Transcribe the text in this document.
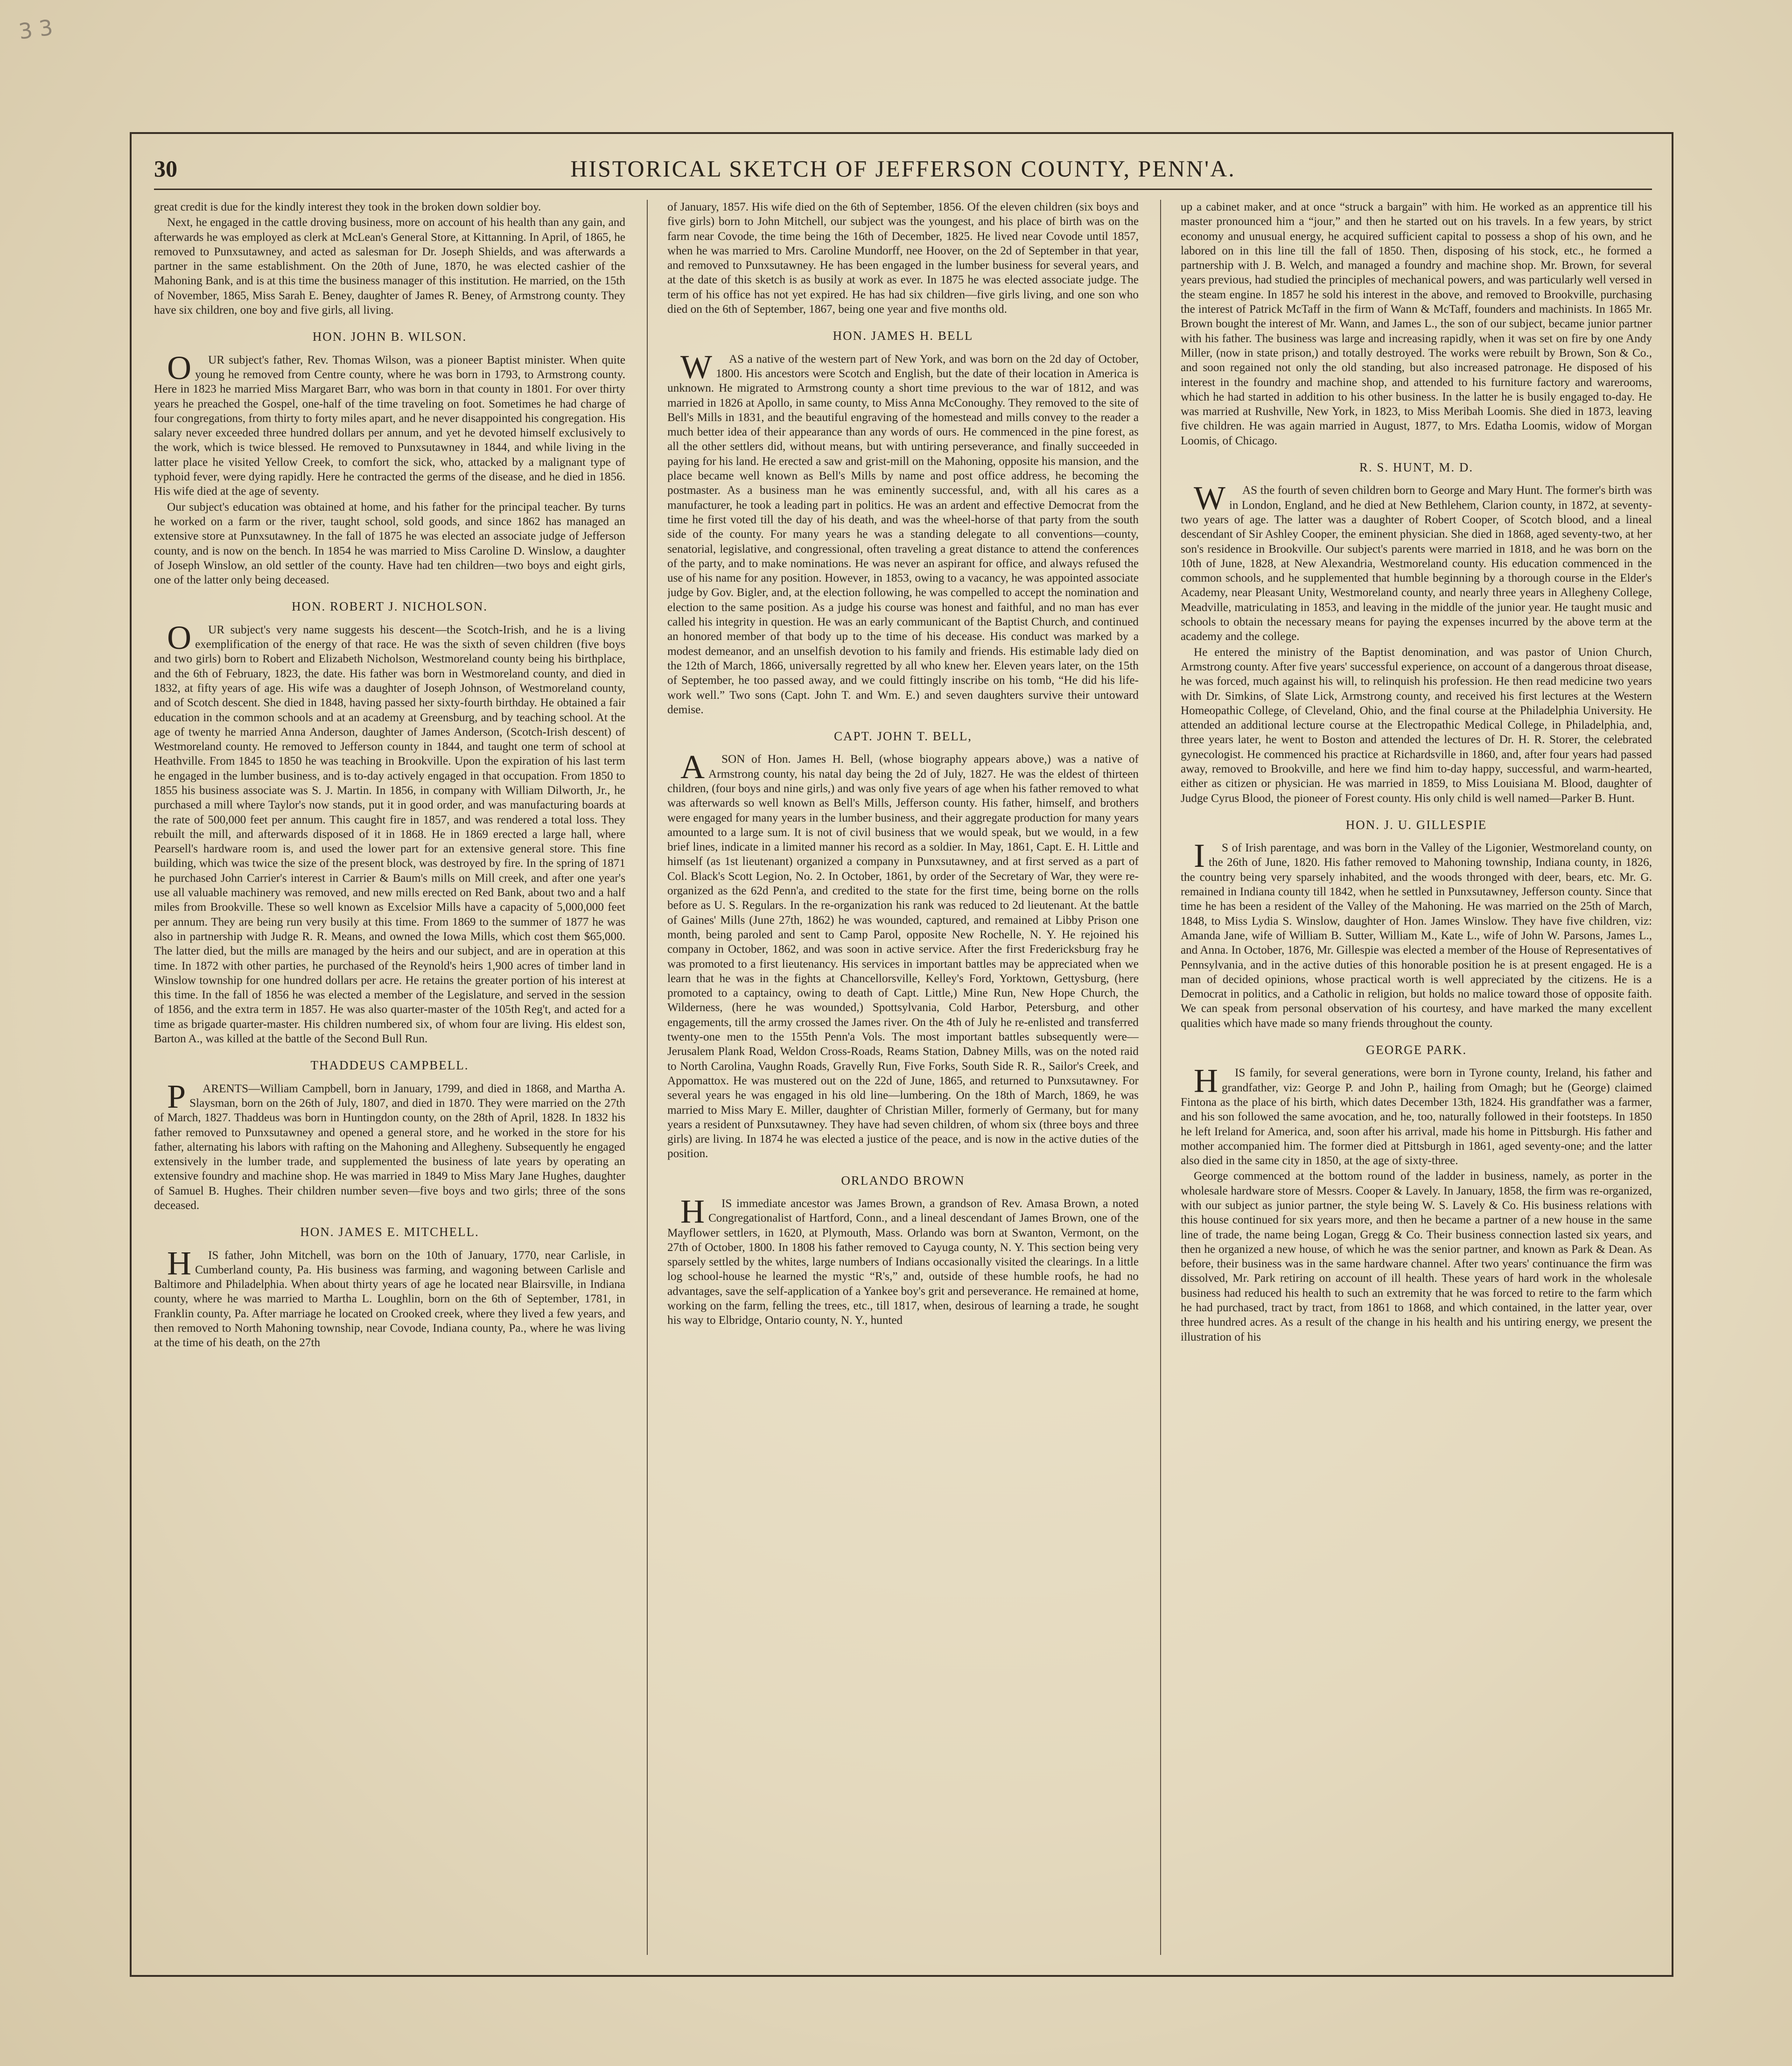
3 3
30	HISTORICAL SKETCH OF JEFFERSON COUNTY, PENN'A.

great credit is due for the kindly interest they took in the broken down soldier boy.

Next, he engaged in the cattle droving business, more on account of his health than any gain, and afterwards he was employed as clerk at McLean's General Store, at Kittanning. In April, of 1865, he removed to Punxsutawney, and acted as salesman for Dr. Joseph Shields, and was afterwards a partner in the same establishment. On the 20th of June, 1870, he was elected cashier of the Mahoning Bank, and is at this time the business manager of this institution. He married, on the 15th of November, 1865, Miss Sarah E. Beney, daughter of James R. Beney, of Armstrong county. They have six children, one boy and five girls, all living.

HON. JOHN B. WILSON.

O	UR subject's father, Rev. Thomas Wilson, was a pioneer Baptist minister. When quite young he removed from Centre county, where he was born in 1793, to Armstrong county. Here in 1823 he married Miss Margaret Barr, who was born in that county in 1801. For over thirty years he preached the Gospel, one-half of the time traveling on foot. Sometimes he had charge of four congregations, from thirty to forty miles apart, and he never disappointed his congregation. His salary never exceeded three hundred dollars per annum, and yet he devoted himself exclusively to the work, which is twice blessed. He removed to Punxsutawney in 1844, and while living in the latter place he visited Yellow Creek, to comfort the sick, who, attacked by a malignant type of typhoid fever, were dying rapidly. Here he contracted the germs of the disease, and he died in 1856. His wife died at the age of seventy.

Our subject's education was obtained at home, and his father for the principal teacher. By turns he worked on a farm or the river, taught school, sold goods, and since 1862 has managed an extensive store at Punxsutawney. In the fall of 1875 he was elected an associate judge of Jefferson county, and is now on the bench. In 1854 he was married to Miss Caroline D. Winslow, a daughter of Joseph Winslow, an old settler of the county. Have had ten children—two boys and eight girls, one of the latter only being deceased.

HON. ROBERT J. NICHOLSON.

O	UR subject's very name suggests his descent—the Scotch-Irish, and he is a living exemplification of the energy of that race. He was the sixth of seven children (five boys and two girls) born to Robert and Elizabeth Nicholson, Westmoreland county being his birthplace, and the 6th of February, 1823, the date. His father was born in Westmoreland county, and died in 1832, at fifty years of age. His wife was a daughter of Joseph Johnson, of Westmoreland county, and of Scotch descent. She died in 1848, having passed her sixty-fourth birthday. He obtained a fair education in the common schools and at an academy at Greensburg, and by teaching school. At the age of twenty he married Anna Anderson, daughter of James Anderson, (Scotch-Irish descent) of Westmoreland county. He removed to Jefferson county in 1844, and taught one term of school at Heathville. From 1845 to 1850 he was teaching in Brookville. Upon the expiration of his last term he engaged in the lumber business, and is to-day actively engaged in that occupation. From 1850 to 1855 his business associate was S. J. Martin. In 1856, in company with William Dilworth, Jr., he purchased a mill where Taylor's now stands, put it in good order, and was manufacturing boards at the rate of 500,000 feet per annum. This caught fire in 1857, and was rendered a total loss. They rebuilt the mill, and afterwards disposed of it in 1868. He in 1869 erected a large hall, where Pearsell's hardware room is, and used the lower part for an extensive general store. This fine building, which was twice the size of the present block, was destroyed by fire. In the spring of 1871 he purchased John Carrier's interest in Carrier & Baum's mills on Mill creek, and after one year's use all valuable machinery was removed, and new mills erected on Red Bank, about two and a half miles from Brookville. These so well known as Excelsior Mills have a capacity of 5,000,000 feet per annum. They are being run very busily at this time. From 1869 to the summer of 1877 he was also in partnership with Judge R. R. Means, and owned the Iowa Mills, which cost them $65,000. The latter died, but the mills are managed by the heirs and our subject, and are in operation at this time. In 1872 with other parties, he purchased of the Reynold's heirs 1,900 acres of timber land in Winslow township for one hundred dollars per acre. He retains the greater portion of his interest at this time. In the fall of 1856 he was elected a member of the Legislature, and served in the session of 1856, and the extra term in 1857. He was also quarter-master of the 105th Reg't, and acted for a time as brigade quarter-master. His children numbered six, of whom four are living. His eldest son, Barton A., was killed at the battle of the Second Bull Run.

THADDEUS CAMPBELL.

P	ARENTS—William Campbell, born in January, 1799, and died in 1868, and Martha A. Slaysman, born on the 26th of July, 1807, and died in 1870. They were married on the 27th of March, 1827. Thaddeus was born in Huntingdon county, on the 28th of April, 1828. In 1832 his father removed to Punxsutawney and opened a general store, and he worked in the store for his father, alternating his labors with rafting on the Mahoning and Allegheny. Subsequently he engaged extensively in the lumber trade, and supplemented the business of late years by operating an extensive foundry and machine shop. He was married in 1849 to Miss Mary Jane Hughes, daughter of Samuel B. Hughes. Their children number seven—five boys and two girls; three of the sons deceased.

HON. JAMES E. MITCHELL.

H	IS father, John Mitchell, was born on the 10th of January, 1770, near Carlisle, in Cumberland county, Pa. His business was farming, and wagoning between Carlisle and Baltimore and Philadelphia. When about thirty years of age he located near Blairsville, in Indiana county, where he was married to Martha L. Loughlin, born on the 6th of September, 1781, in Franklin county, Pa. After marriage he located on Crooked creek, where they lived a few years, and then removed to North Mahoning township, near Covode, Indiana county, Pa., where he was living at the time of his death, on the 27th

of January, 1857. His wife died on the 6th of September, 1856. Of the eleven children (six boys and five girls) born to John Mitchell, our subject was the youngest, and his place of birth was on the farm near Covode, the time being the 16th of December, 1825. He lived near Covode until 1857, when he was married to Mrs. Caroline Mundorff, nee Hoover, on the 2d of September in that year, and removed to Punxsutawney. He has been engaged in the lumber business for several years, and at the date of this sketch is as busily at work as ever. In 1875 he was elected associate judge. The term of his office has not yet expired. He has had six children—five girls living, and one son who died on the 6th of September, 1867, being one year and five months old.

HON. JAMES H. BELL

W	AS a native of the western part of New York, and was born on the 2d day of October, 1800. His ancestors were Scotch and English, but the date of their location in America is unknown. He migrated to Armstrong county a short time previous to the war of 1812, and was married in 1826 at Apollo, in same county, to Miss Anna McConoughy. They removed to the site of Bell's Mills in 1831, and the beautiful engraving of the homestead and mills convey to the reader a much better idea of their appearance than any words of ours. He commenced in the pine forest, as all the other settlers did, without means, but with untiring perseverance, and finally succeeded in paying for his land. He erected a saw and grist-mill on the Mahoning, opposite his mansion, and the place became well known as Bell's Mills by name and post office address, he becoming the postmaster. As a business man he was eminently successful, and, with all his cares as a manufacturer, he took a leading part in politics. He was an ardent and effective Democrat from the time he first voted till the day of his death, and was the wheel-horse of that party from the south side of the county. For many years he was a standing delegate to all conventions—county, senatorial, legislative, and congressional, often traveling a great distance to attend the conferences of the party, and to make nominations. He was never an aspirant for office, and always refused the use of his name for any position. However, in 1853, owing to a vacancy, he was appointed associate judge by Gov. Bigler, and, at the election following, he was compelled to accept the nomination and election to the same position. As a judge his course was honest and faithful, and no man has ever called his integrity in question. He was an early communicant of the Baptist Church, and continued an honored member of that body up to the time of his decease. His conduct was marked by a modest demeanor, and an unselfish devotion to his family and friends. His estimable lady died on the 12th of March, 1866, universally regretted by all who knew her. Eleven years later, on the 15th of September, he too passed away, and we could fittingly inscribe on his tomb, “He did his life-work well.” Two sons (Capt. John T. and Wm. E.) and seven daughters survive their untoward demise.

CAPT. JOHN T. BELL,

A	SON of Hon. James H. Bell, (whose biography appears above,) was a native of Armstrong county, his natal day being the 2d of July, 1827. He was the eldest of thirteen children, (four boys and nine girls,) and was only five years of age when his father removed to what was afterwards so well known as Bell's Mills, Jefferson county. His father, himself, and brothers were engaged for many years in the lumber business, and their aggregate production for many years amounted to a large sum. It is not of civil business that we would speak, but we would, in a few brief lines, indicate in a limited manner his record as a soldier. In May, 1861, Capt. E. H. Little and himself (as 1st lieutenant) organized a company in Punxsutawney, and at first served as a part of Col. Black's Scott Legion, No. 2. In October, 1861, by order of the Secretary of War, they were re-organized as the 62d Penn'a, and credited to the state for the first time, being borne on the rolls before as U. S. Regulars. In the re-organization his rank was reduced to 2d lieutenant. At the battle of Gaines' Mills (June 27th, 1862) he was wounded, captured, and remained at Libby Prison one month, being paroled and sent to Camp Parol, opposite New Rochelle, N. Y. He rejoined his company in October, 1862, and was soon in active service. After the first Fredericksburg fray he was promoted to a first lieutenancy. His services in important battles may be appreciated when we learn that he was in the fights at Chancellorsville, Kelley's Ford, Yorktown, Gettysburg, (here promoted to a captaincy, owing to death of Capt. Little,) Mine Run, New Hope Church, the Wilderness, (here he was wounded,) Spottsylvania, Cold Harbor, Petersburg, and other engagements, till the army crossed the James river. On the 4th of July he re-enlisted and transferred twenty-one men to the 155th Penn'a Vols. The most important battles subsequently were—Jerusalem Plank Road, Weldon Cross-Roads, Reams Station, Dabney Mills, was on the noted raid to North Carolina, Vaughn Roads, Gravelly Run, Five Forks, South Side R. R., Sailor's Creek, and Appomattox. He was mustered out on the 22d of June, 1865, and returned to Punxsutawney. For several years he was engaged in his old line—lumbering. On the 18th of March, 1869, he was married to Miss Mary E. Miller, daughter of Christian Miller, formerly of Germany, but for many years a resident of Punxsutawney. They have had seven children, of whom six (three boys and three girls) are living. In 1874 he was elected a justice of the peace, and is now in the active duties of the position.

ORLANDO BROWN

H	IS immediate ancestor was James Brown, a grandson of Rev. Amasa Brown, a noted Congregationalist of Hartford, Conn., and a lineal descendant of James Brown, one of the Mayflower settlers, in 1620, at Plymouth, Mass. Orlando was born at Swanton, Vermont, on the 27th of October, 1800. In 1808 his father removed to Cayuga county, N. Y. This section being very sparsely settled by the whites, large numbers of Indians occasionally visited the clearings. In a little log school-house he learned the mystic “R's,” and, outside of these humble roofs, he had no advantages, save the self-application of a Yankee boy's grit and perseverance. He remained at home, working on the farm, felling the trees, etc., till 1817, when, desirous of learning a trade, he sought his way to Elbridge, Ontario county, N. Y., hunted

up a cabinet maker, and at once “struck a bargain” with him. He worked as an apprentice till his master pronounced him a “jour,” and then he started out on his travels. In a few years, by strict economy and unusual energy, he acquired sufficient capital to possess a shop of his own, and he labored on in this line till the fall of 1850. Then, disposing of his stock, etc., he formed a partnership with J. B. Welch, and managed a foundry and machine shop. Mr. Brown, for several years previous, had studied the principles of mechanical powers, and was particularly well versed in the steam engine. In 1857 he sold his interest in the above, and removed to Brookville, purchasing the interest of Patrick McTaff in the firm of Wann & McTaff, founders and machinists. In 1865 Mr. Brown bought the interest of Mr. Wann, and James L., the son of our subject, became junior partner with his father. The business was large and increasing rapidly, when it was set on fire by one Andy Miller, (now in state prison,) and totally destroyed. The works were rebuilt by Brown, Son & Co., and soon regained not only the old standing, but also increased patronage. He disposed of his interest in the foundry and machine shop, and attended to his furniture factory and warerooms, which he had started in addition to his other business. In the latter he is busily engaged to-day. He was married at Rushville, New York, in 1823, to Miss Meribah Loomis. She died in 1873, leaving five children. He was again married in August, 1877, to Mrs. Edatha Loomis, widow of Morgan Loomis, of Chicago.

R. S. HUNT, M. D.

W	AS the fourth of seven children born to George and Mary Hunt. The former's birth was in London, England, and he died at New Bethlehem, Clarion county, in 1872, at seventy-two years of age. The latter was a daughter of Robert Cooper, of Scotch blood, and a lineal descendant of Sir Ashley Cooper, the eminent physician. She died in 1868, aged seventy-two, at her son's residence in Brookville. Our subject's parents were married in 1818, and he was born on the 10th of June, 1828, at New Alexandria, Westmoreland county. His education commenced in the common schools, and he supplemented that humble beginning by a thorough course in the Elder's Academy, near Pleasant Unity, Westmoreland county, and nearly three years in Allegheny College, Meadville, matriculating in 1853, and leaving in the middle of the junior year. He taught music and schools to obtain the necessary means for paying the expenses incurred by the above term at the academy and the college.

He entered the ministry of the Baptist denomination, and was pastor of Union Church, Armstrong county. After five years' successful experience, on account of a dangerous throat disease, he was forced, much against his will, to relinquish his profession. He then read medicine two years with Dr. Simkins, of Slate Lick, Armstrong county, and received his first lectures at the Western Homeopathic College, of Cleveland, Ohio, and the final course at the Philadelphia University. He attended an additional lecture course at the Electropathic Medical College, in Philadelphia, and, three years later, he went to Boston and attended the lectures of Dr. H. R. Storer, the celebrated gynecologist. He commenced his practice at Richardsville in 1860, and, after four years had passed away, removed to Brookville, and here we find him to-day happy, successful, and warm-hearted, either as citizen or physician. He was married in 1859, to Miss Louisiana M. Blood, daughter of Judge Cyrus Blood, the pioneer of Forest county. His only child is well named—Parker B. Hunt.

HON. J. U. GILLESPIE

I	S of Irish parentage, and was born in the Valley of the Ligonier, Westmoreland county, on the 26th of June, 1820. His father removed to Mahoning township, Indiana county, in 1826, the country being very sparsely inhabited, and the woods thronged with deer, bears, etc. Mr. G. remained in Indiana county till 1842, when he settled in Punxsutawney, Jefferson county. Since that time he has been a resident of the Valley of the Mahoning. He was married on the 25th of March, 1848, to Miss Lydia S. Winslow, daughter of Hon. James Winslow. They have five children, viz: Amanda Jane, wife of William B. Sutter, William M., Kate L., wife of John W. Parsons, James L., and Anna. In October, 1876, Mr. Gillespie was elected a member of the House of Representatives of Pennsylvania, and in the active duties of this honorable position he is at present engaged. He is a man of decided opinions, whose practical worth is well appreciated by the citizens. He is a Democrat in politics, and a Catholic in religion, but holds no malice toward those of opposite faith. We can speak from personal observation of his courtesy, and have marked the many excellent qualities which have made so many friends throughout the county.

GEORGE PARK.

H	IS family, for several generations, were born in Tyrone county, Ireland, his father and grandfather, viz: George P. and John P., hailing from Omagh; but he (George) claimed Fintona as the place of his birth, which dates December 13th, 1824. His grandfather was a farmer, and his son followed the same avocation, and he, too, naturally followed in their footsteps. In 1850 he left Ireland for America, and, soon after his arrival, made his home in Pittsburgh. His father and mother accompanied him. The former died at Pittsburgh in 1861, aged seventy-one; and the latter also died in the same city in 1850, at the age of sixty-three.

George commenced at the bottom round of the ladder in business, namely, as porter in the wholesale hardware store of Messrs. Cooper & Lavely. In January, 1858, the firm was re-organized, with our subject as junior partner, the style being W. S. Lavely & Co. His business relations with this house continued for six years more, and then he became a partner of a new house in the same line of trade, the name being Logan, Gregg & Co. Their business connection lasted six years, and then he organized a new house, of which he was the senior partner, and known as Park & Dean. As before, their business was in the same hardware channel. After two years' continuance the firm was dissolved, Mr. Park retiring on account of ill health. These years of hard work in the wholesale business had reduced his health to such an extremity that he was forced to retire to the farm which he had purchased, tract by tract, from 1861 to 1868, and which contained, in the latter year, over three hundred acres. As a result of the change in his health and his untiring energy, we present the illustration of his
